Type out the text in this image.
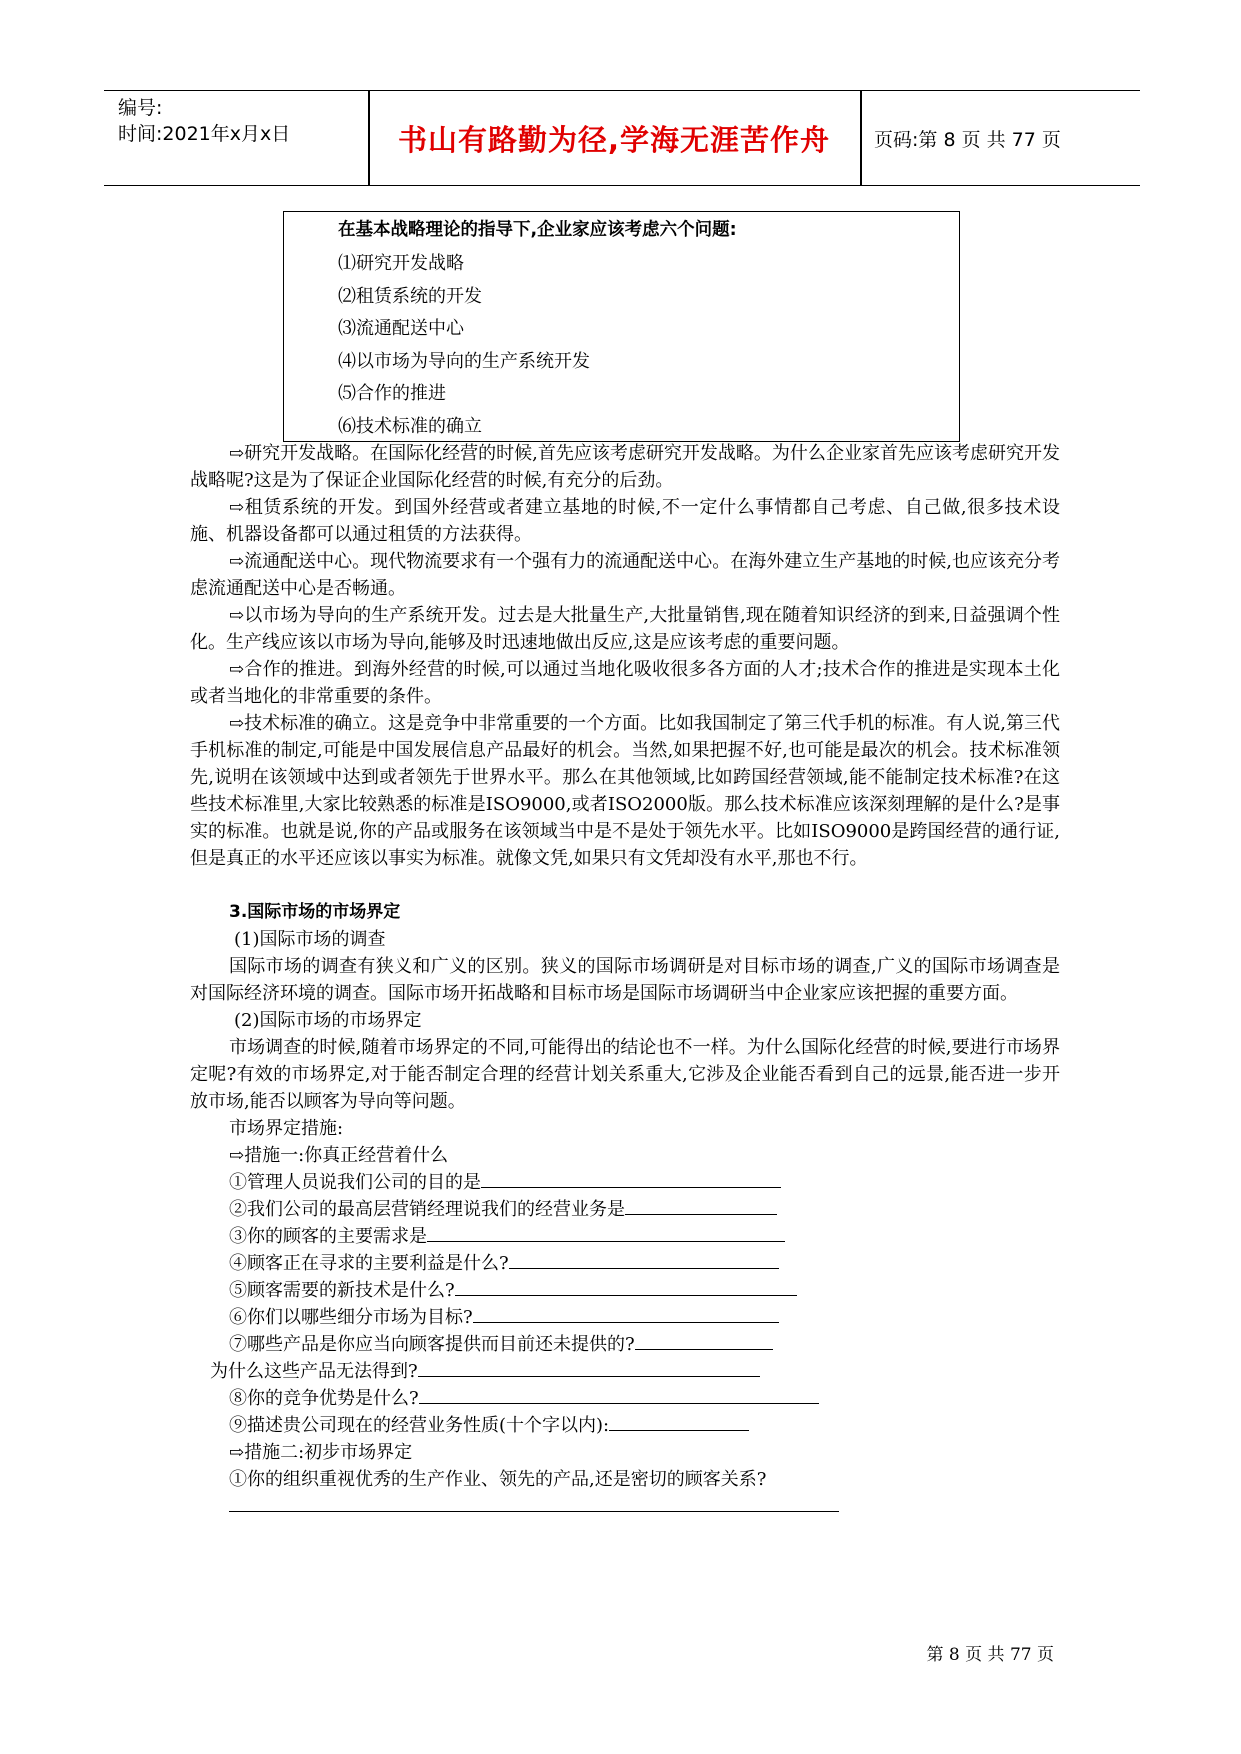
编号:
时间:2021年x月x日	书山有路勤为径,学海无涯苦作舟	页码:第 8 页 共 77 页
在基本战略理论的指导下,企业家应该考虑六个问题:
⑴研究开发战略
⑵租赁系统的开发
⑶流通配送中心
⑷以市场为导向的生产系统开发
⑸合作的推进
⑹技术标准的确立

⇨研究开发战略。在国际化经营的时候,首先应该考虑研究开发战略。为什么企业家首先应该考虑研究开发战略呢?这是为了保证企业国际化经营的时候,有充分的后劲。

⇨租赁系统的开发。到国外经营或者建立基地的时候,不一定什么事情都自己考虑、自己做,很多技术设施、机器设备都可以通过租赁的方法获得。

⇨流通配送中心。现代物流要求有一个强有力的流通配送中心。在海外建立生产基地的时候,也应该充分考虑流通配送中心是否畅通。

⇨以市场为导向的生产系统开发。过去是大批量生产,大批量销售,现在随着知识经济的到来,日益强调个性化。生产线应该以市场为导向,能够及时迅速地做出反应,这是应该考虑的重要问题。

⇨合作的推进。到海外经营的时候,可以通过当地化吸收很多各方面的人才;技术合作的推进是实现本土化或者当地化的非常重要的条件。

⇨技术标准的确立。这是竞争中非常重要的一个方面。比如我国制定了第三代手机的标准。有人说,第三代手机标准的制定,可能是中国发展信息产品最好的机会。当然,如果把握不好,也可能是最次的机会。技术标准领先,说明在该领域中达到或者领先于世界水平。那么在其他领域,比如跨国经营领域,能不能制定技术标准?在这些技术标准里,大家比较熟悉的标准是ISO9000,或者ISO2000版。那么技术标准应该深刻理解的是什么?是事实的标准。也就是说,你的产品或服务在该领域当中是不是处于领先水平。比如ISO9000是跨国经营的通行证,但是真正的水平还应该以事实为标准。就像文凭,如果只有文凭却没有水平,那也不行。

3.国际市场的市场界定

(1)国际市场的调查

国际市场的调查有狭义和广义的区别。狭义的国际市场调研是对目标市场的调查,广义的国际市场调查是对国际经济环境的调查。国际市场开拓战略和目标市场是国际市场调研当中企业家应该把握的重要方面。

(2)国际市场的市场界定

市场调查的时候,随着市场界定的不同,可能得出的结论也不一样。为什么国际化经营的时候,要进行市场界定呢?有效的市场界定,对于能否制定合理的经营计划关系重大,它涉及企业能否看到自己的远景,能否进一步开放市场,能否以顾客为导向等问题。

市场界定措施:

⇨措施一:你真正经营着什么

①管理人员说我们公司的目的是

②我们公司的最高层营销经理说我们的经营业务是

③你的顾客的主要需求是

④顾客正在寻求的主要利益是什么?

⑤顾客需要的新技术是什么?

⑥你们以哪些细分市场为目标?

⑦哪些产品是你应当向顾客提供而目前还未提供的?

为什么这些产品无法得到?

⑧你的竞争优势是什么?

⑨描述贵公司现在的经营业务性质(十个字以内):

⇨措施二:初步市场界定

①你的组织重视优秀的生产作业、领先的产品,还是密切的顾客关系?

第 8 页 共 77 页
